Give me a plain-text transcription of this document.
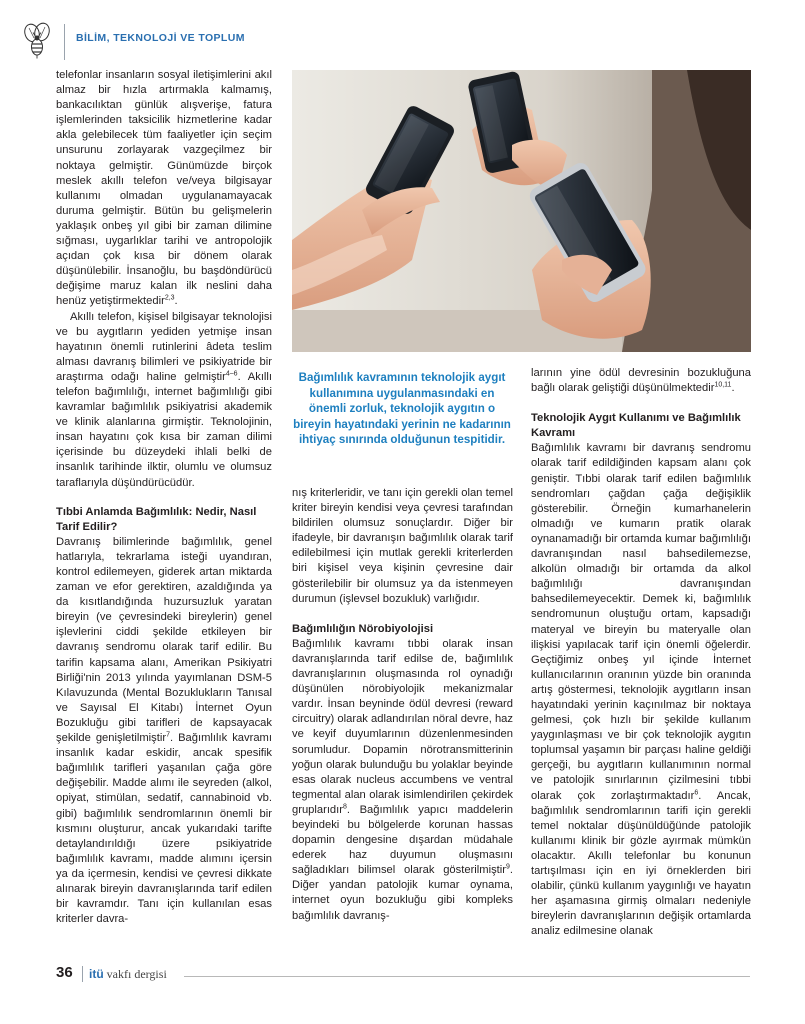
BİLİM, TEKNOLOJİ VE TOPLUM

telefonlar insanların sosyal iletişimlerini akıl almaz bir hızla artırmakla kalmamış, bankacılıktan günlük alışverişe, fatura işlemlerinden taksicilik hizmetlerine kadar akla gelebilecek tüm faaliyetler için seçim unsurunu zorlayarak vazgeçilmez bir noktaya gelmiştir. Günümüzde birçok meslek akıllı telefon ve/veya bilgisayar kullanımı olmadan uygulanamayacak duruma gelmiştir. Bütün bu gelişmelerin yaklaşık onbeş yıl gibi bir zaman dilimine sığması, uygarlıklar tarihi ve antropolojik açıdan çok kısa bir dönem olarak düşünülebilir. İnsanoğlu, bu başdöndürücü değişime maruz kalan ilk neslini daha henüz yetiştirmektedir$^{2,3}$.

Akıllı telefon, kişisel bilgisayar teknolojisi ve bu aygıtların yediden yetmişe insan hayatının önemli rutinlerini âdeta teslim alması davranış bilimleri ve psikiyatride bir araştırma odağı haline gelmiştir$^{4-6}$. Akıllı telefon bağımlılığı, internet bağımlılığı gibi kavramlar bağımlılık psikiyatrisi akademik ve klinik alanlarına girmiştir. Teknolojinin, insan hayatını çok kısa bir zaman dilimi içerisinde bu düzeydeki ihlali belki de insanlık tarihinde ilktir, olumlu ve olumsuz taraflarıyla düşündürücüdür.

Tıbbi Anlamda Bağımlılık: Nedir, Nasıl Tarif Edilir?

Davranış bilimlerinde bağımlılık, genel hatlarıyla, tekrarlama isteği uyandıran, kontrol edilemeyen, giderek artan miktarda zaman ve efor gerektiren, azaldığında ya da kısıtlandığında huzursuzluk yaratan bireyin (ve çevresindeki bireylerin) genel işlevlerini ciddi şekilde etkileyen bir davranış sendromu olarak tarif edilir. Bu tarifin kapsama alanı, Amerikan Psikiyatri Birliği'nin 2013 yılında yayımlanan DSM-5 Kılavuzunda (Mental Bozuklukların Tanısal ve Sayısal El Kitabı) İnternet Oyun Bozukluğu gibi tarifleri de kapsayacak şekilde genişletilmiştir$^7$. Bağımlılık kavramı insanlık kadar eskidir, ancak spesifik bağımlılık tarifleri yaşanılan çağa göre değişebilir. Madde alımı ile seyreden (alkol, opiyat, stimülan, sedatif, cannabinoid vb. gibi) bağımlılık sendromlarının önemli bir kısmını oluşturur, ancak yukarıdaki tarifte detaylandırıldığı üzere psikiyatride bağımlılık kavramı, madde alımını içersin ya da içermesin, kendisi ve çevresi dikkate alınarak bireyin davranışlarında tarif edilen bir kavramdır. Tanı için kullanılan esas kriterler davra-

Bağımlılık kavramının teknolojik aygıt kullanımına uygulanmasındaki en önemli zorluk, teknolojik aygıtın o bireyin hayatındaki yerinin ne kadarının ihtiyaç sınırında olduğunun tespitidir.

nış kriterleridir, ve tanı için gerekli olan temel kriter bireyin kendisi veya çevresi tarafından bildirilen olumsuz sonuçlardır. Diğer bir ifadeyle, bir davranışın bağımlılık olarak tarif edilebilmesi için mutlak gerekli kriterlerden biri kişisel veya kişinin çevresine dair gösterilebilir bir olumsuz ya da istenmeyen durumun (işlevsel bozukluk) varlığıdır.

Bağımlılığın Nörobiyolojisi

Bağımlılık kavramı tıbbi olarak insan davranışlarında tarif edilse de, bağımlılık davranışlarının oluşmasında rol oynadığı düşünülen nörobiyolojik mekanizmalar vardır. İnsan beyninde ödül devresi (reward circuitry) olarak adlandırılan nöral devre, haz ve keyif duyumlarının düzenlenmesinden sorumludur. Dopamin nörotransmitterinin yoğun olarak bulunduğu bu yolaklar beyinde esas olarak nucleus accumbens ve ventral tegmental alan olarak isimlendirilen çekirdek gruplarıdır$^8$. Bağımlılık yapıcı maddelerin beyindeki bu bölgelerde korunan hassas dopamin dengesine dışardan müdahale ederek haz duyumun oluşmasını sağladıkları bilimsel olarak gösterilmiştir$^9$. Diğer yandan patolojik kumar oynama, internet oyun bozukluğu gibi kompleks bağımlılık davranış-

larının yine ödül devresinin bozukluğuna bağlı olarak geliştiği düşünülmektedir$^{10,11}$.

Teknolojik Aygıt Kullanımı ve Bağımlılık Kavramı

Bağımlılık kavramı bir davranış sendromu olarak tarif edildiğinden kapsam alanı çok geniştir. Tıbbi olarak tarif edilen bağımlılık sendromları çağdan çağa değişiklik gösterebilir. Örneğin kumarhanelerin olmadığı ve kumarın pratik olarak oynanamadığı bir ortamda kumar bağımlılığı davranışından nasıl bahsedilemezse, alkolün olmadığı bir ortamda da alkol bağımlılığı davranışından bahsedilemeyecektir. Demek ki, bağımlılık sendromunun oluştuğu ortam, kapsadığı materyal ve bireyin bu materyalle olan ilişkisi yapılacak tarif için önemli öğelerdir. Geçtiğimiz onbeş yıl içinde İnternet kullanıcılarının oranının yüzde bin oranında artış göstermesi, teknolojik aygıtların insan hayatındaki yerinin kaçınılmaz bir noktaya gelmesi, çok hızlı bir şekilde kullanım yaygınlaşması ve bir çok teknolojik aygıtın toplumsal yaşamın bir parçası haline geldiği gerçeği, bu aygıtların kullanımının normal ve patolojik sınırlarının çizilmesini tıbbi olarak çok zorlaştırmaktadır$^6$. Ancak, bağımlılık sendromlarının tarifi için gerekli temel noktalar düşünüldüğünde patolojik kullanımı klinik bir gözle ayırmak mümkün olacaktır. Akıllı telefonlar bu konunun tartışılması için en iyi örneklerden biri olabilir, çünkü kullanım yaygınlığı ve hayatın her aşamasına girmiş olmaları nedeniyle bireylerin davranışlarının değişik ortamlarda analiz edilmesine olanak

36 itü vakfı dergisi
